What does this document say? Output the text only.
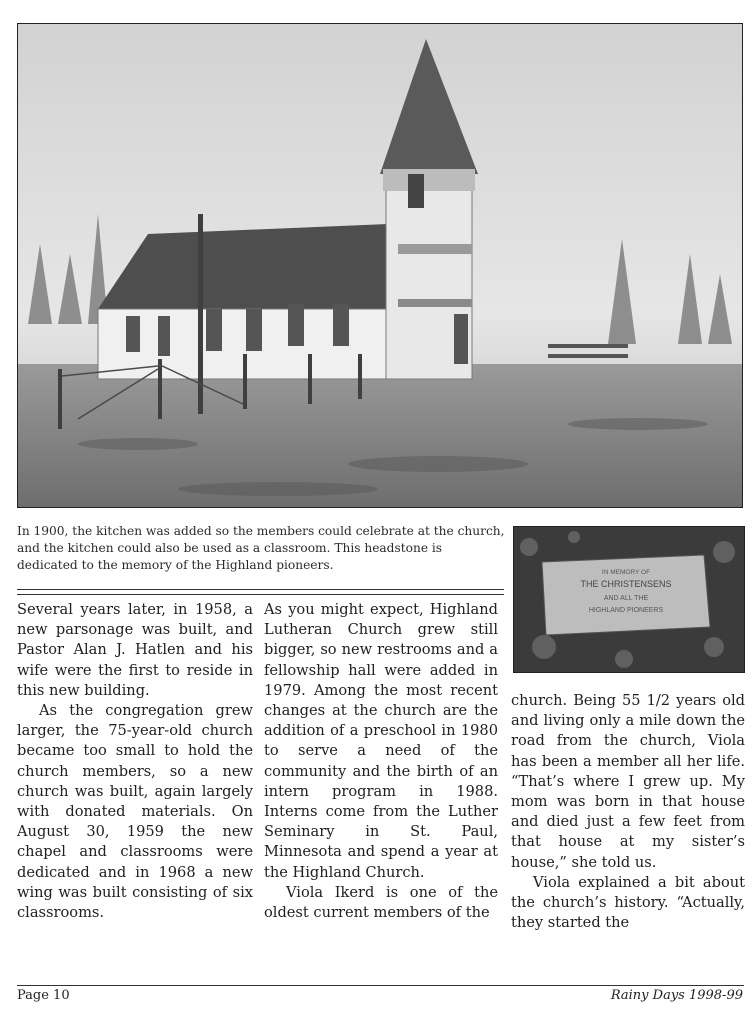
In 1900, the kitchen was added so the members could celebrate at the church, and the kitchen could also be used as a classroom. This headstone is dedicated to the memory of the Highland pioneers.
IN MEMORY OF
THE CHRISTENSENS
AND ALL THE
HIGHLAND PIONEERS

Several years later, in 1958, a new parsonage was built, and Pastor Alan J. Hatlen and his wife were the first to reside in this new building.

As the congregation grew larger, the 75-year-old church became too small to hold the church members, so a new church was built, again largely with donated materials. On August 30, 1959 the new chapel and classrooms were dedicated and in 1968 a new wing was built consisting of six classrooms.

As you might expect, Highland Lutheran Church grew still bigger, so new restrooms and a fellowship hall were added in 1979. Among the most recent changes at the church are the addition of a preschool in 1980 to serve a need of the community and the birth of an intern program in 1988. Interns come from the Luther Seminary in St. Paul, Minnesota and spend a year at the Highland Church.

Viola Ikerd is one of the oldest current members of the

church. Being 55 1/2 years old and living only a mile down the road from the church, Viola has been a member all her life. “That’s where I grew up. My mom was born in that house and died just a few feet from that house at my sister’s house,” she told us.

Viola explained a bit about the church’s history. “Actually, they started the

Page 10	Rainy Days 1998-99
